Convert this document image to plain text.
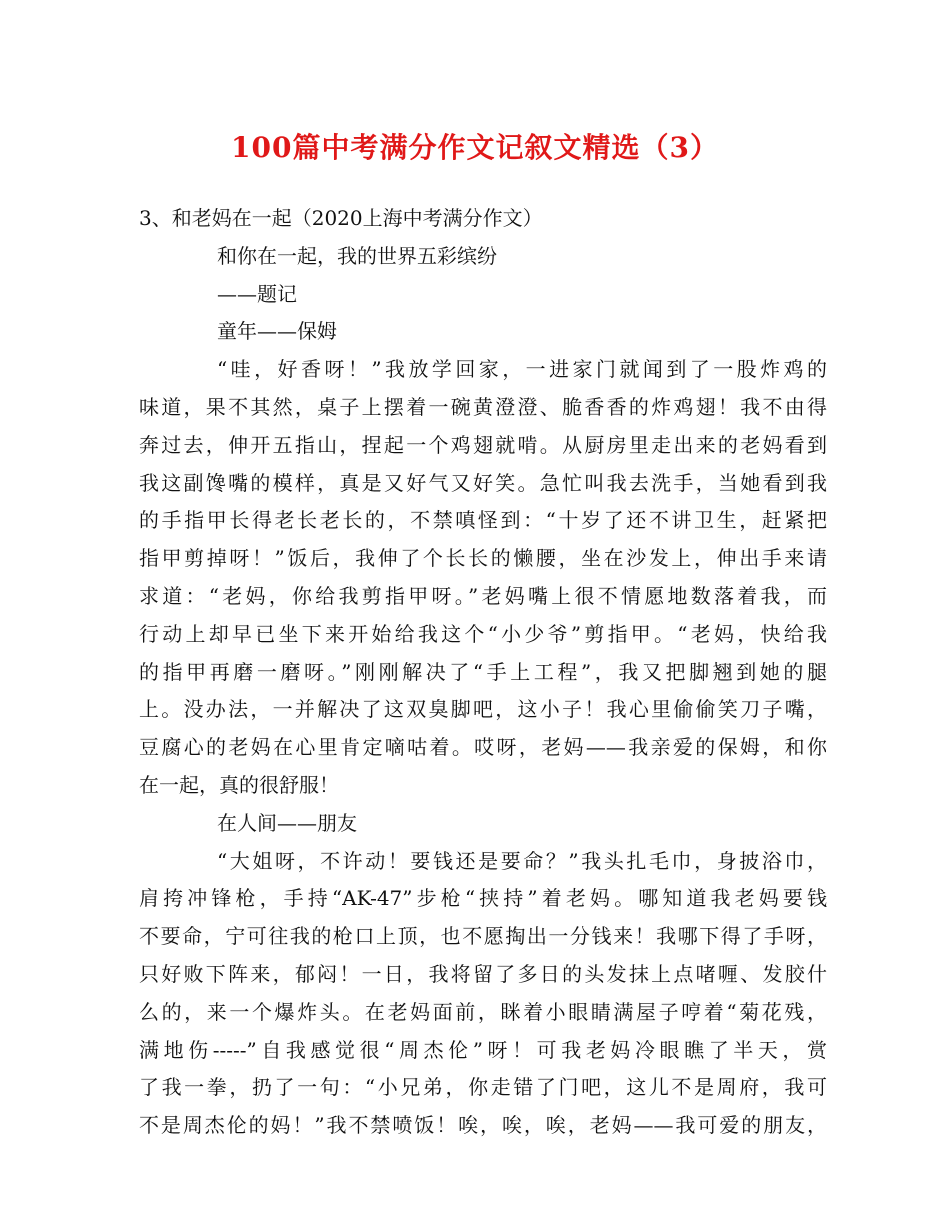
100篇中考满分作文记叙文精选（3）
3、和老妈在一起（2020上海中考满分作文）
和你在一起，我的世界五彩缤纷
——题记
童年——保姆
“哇，好香呀！”我放学回家，一进家门就闻到了一股炸鸡的
味道，果不其然，桌子上摆着一碗黄澄澄、脆香香的炸鸡翅！我不由得
奔过去，伸开五指山，捏起一个鸡翅就啃。从厨房里走出来的老妈看到
我这副馋嘴的模样，真是又好气又好笑。急忙叫我去洗手，当她看到我
的手指甲长得老长老长的，不禁嗔怪到：“十岁了还不讲卫生，赶紧把
指甲剪掉呀！”饭后，我伸了个长长的懒腰，坐在沙发上，伸出手来请
求道：“老妈，你给我剪指甲呀。”老妈嘴上很不情愿地数落着我，而
行动上却早已坐下来开始给我这个“小少爷”剪指甲。“老妈，快给我
的指甲再磨一磨呀。”刚刚解决了“手上工程”，我又把脚翘到她的腿
上。没办法，一并解决了这双臭脚吧，这小子！我心里偷偷笑刀子嘴，
豆腐心的老妈在心里肯定嘀咕着。哎呀，老妈——我亲爱的保姆，和你
在一起，真的很舒服！
在人间——朋友
“大姐呀，不许动！要钱还是要命？”我头扎毛巾，身披浴巾，
肩挎冲锋枪，手持“AK-47”步枪“挟持”着老妈。哪知道我老妈要钱
不要命，宁可往我的枪口上顶，也不愿掏出一分钱来！我哪下得了手呀，
只好败下阵来，郁闷！一日，我将留了多日的头发抹上点啫喱、发胶什
么的，来一个爆炸头。在老妈面前，眯着小眼睛满屋子哼着“菊花残，
满地伤-----”自我感觉很“周杰伦”呀！可我老妈冷眼瞧了半天，赏
了我一拳，扔了一句：“小兄弟，你走错了门吧，这儿不是周府，我可
不是周杰伦的妈！”我不禁喷饭！唉，唉，唉，老妈——我可爱的朋友，
